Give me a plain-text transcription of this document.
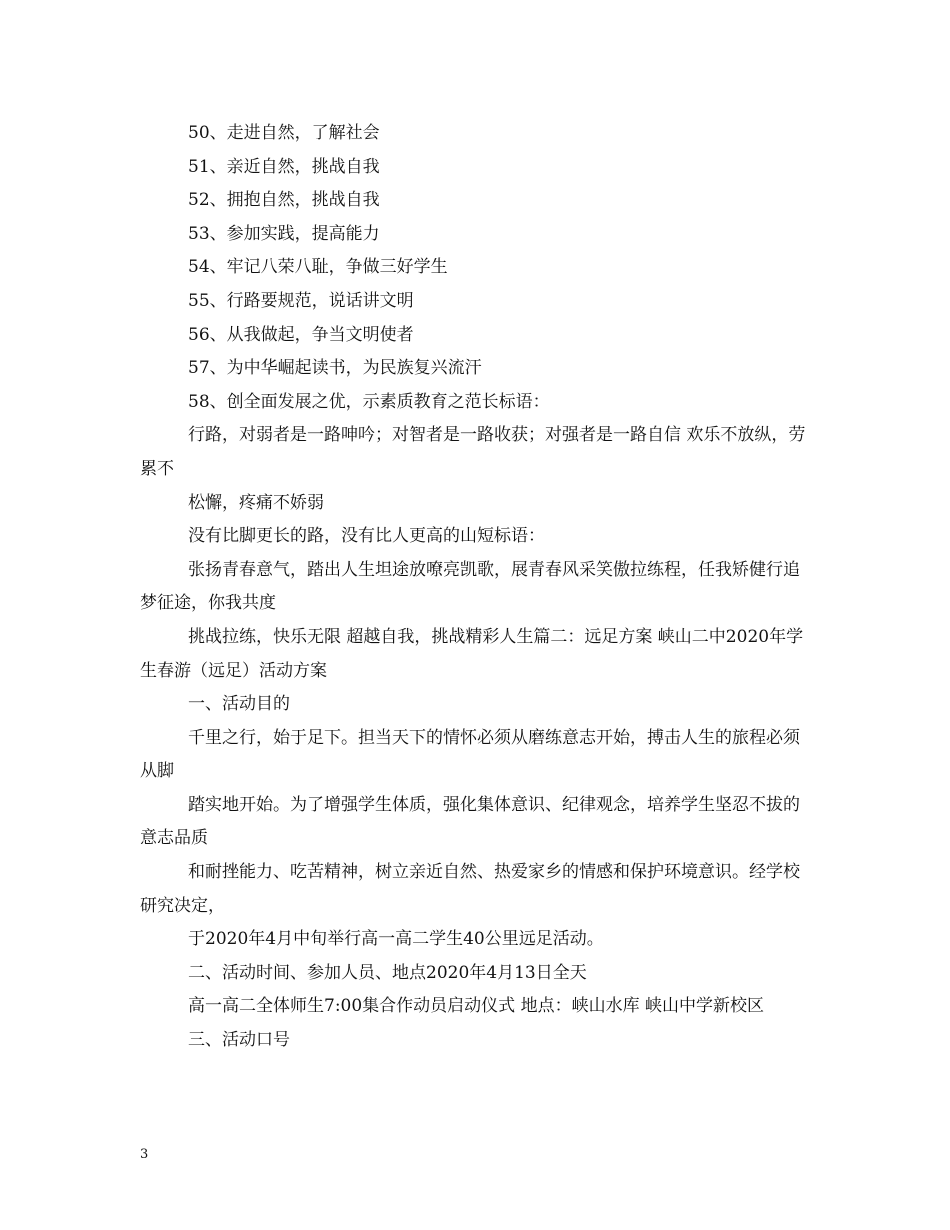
50、走进自然，了解社会

51、亲近自然，挑战自我

52、拥抱自然，挑战自我

53、参加实践，提高能力

54、牢记八荣八耻，争做三好学生

55、行路要规范，说话讲文明

56、从我做起，争当文明使者

57、为中华崛起读书，为民族复兴流汗

58、创全面发展之优，示素质教育之范长标语：

行路，对弱者是一路呻吟；对智者是一路收获；对强者是一路自信 欢乐不放纵，劳累不

松懈，疼痛不娇弱

没有比脚更长的路，没有比人更高的山短标语：

张扬青春意气，踏出人生坦途放嘹亮凯歌，展青春风采笑傲拉练程，任我矫健行追梦征途，你我共度

挑战拉练，快乐无限 超越自我，挑战精彩人生篇二：远足方案 峡山二中2020年学生春游（远足）活动方案

一、活动目的

千里之行，始于足下。担当天下的情怀必须从磨练意志开始，搏击人生的旅程必须从脚

踏实地开始。为了增强学生体质，强化集体意识、纪律观念，培养学生坚忍不拔的意志品质

和耐挫能力、吃苦精神，树立亲近自然、热爱家乡的情感和保护环境意识。经学校研究决定，

于2020年4月中旬举行高一高二学生40公里远足活动。

二、活动时间、参加人员、地点2020年4月13日全天

高一高二全体师生7:00集合作动员启动仪式 地点：峡山水库 峡山中学新校区

三、活动口号

3
